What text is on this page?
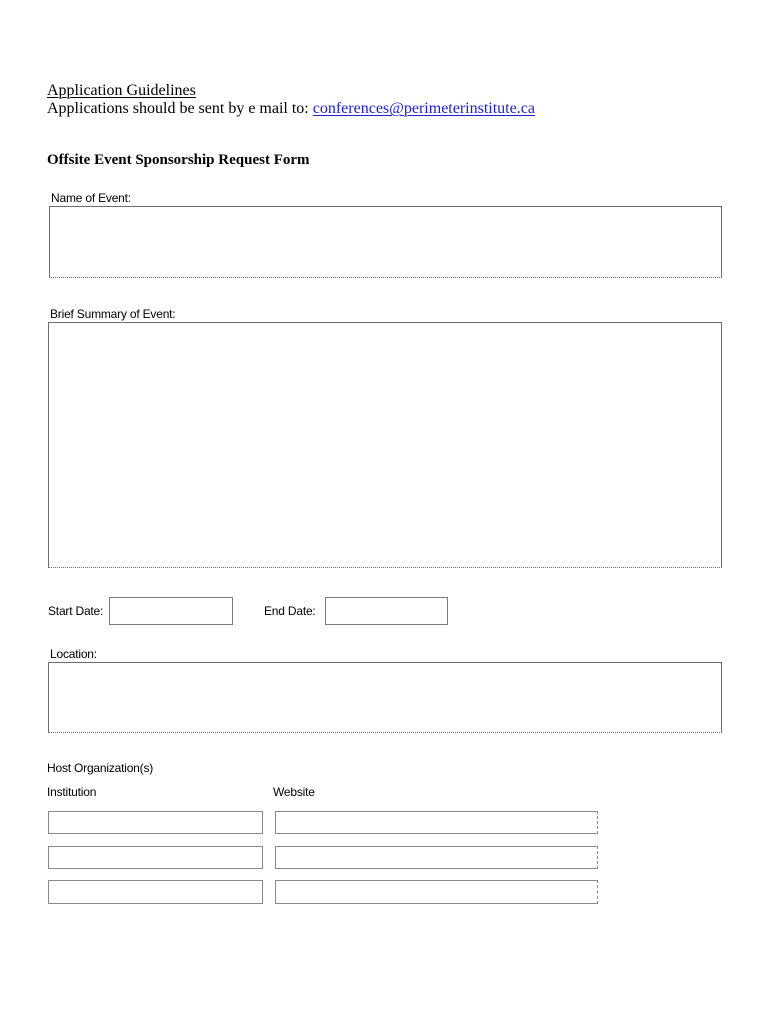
Application Guidelines
Applications should be sent by e mail to: conferences@perimeterinstitute.ca
Offsite Event Sponsorship Request Form
Name of Event:
Brief Summary of Event:
Start Date:	End Date:
Location:
Host Organization(s)
Institution	Website
